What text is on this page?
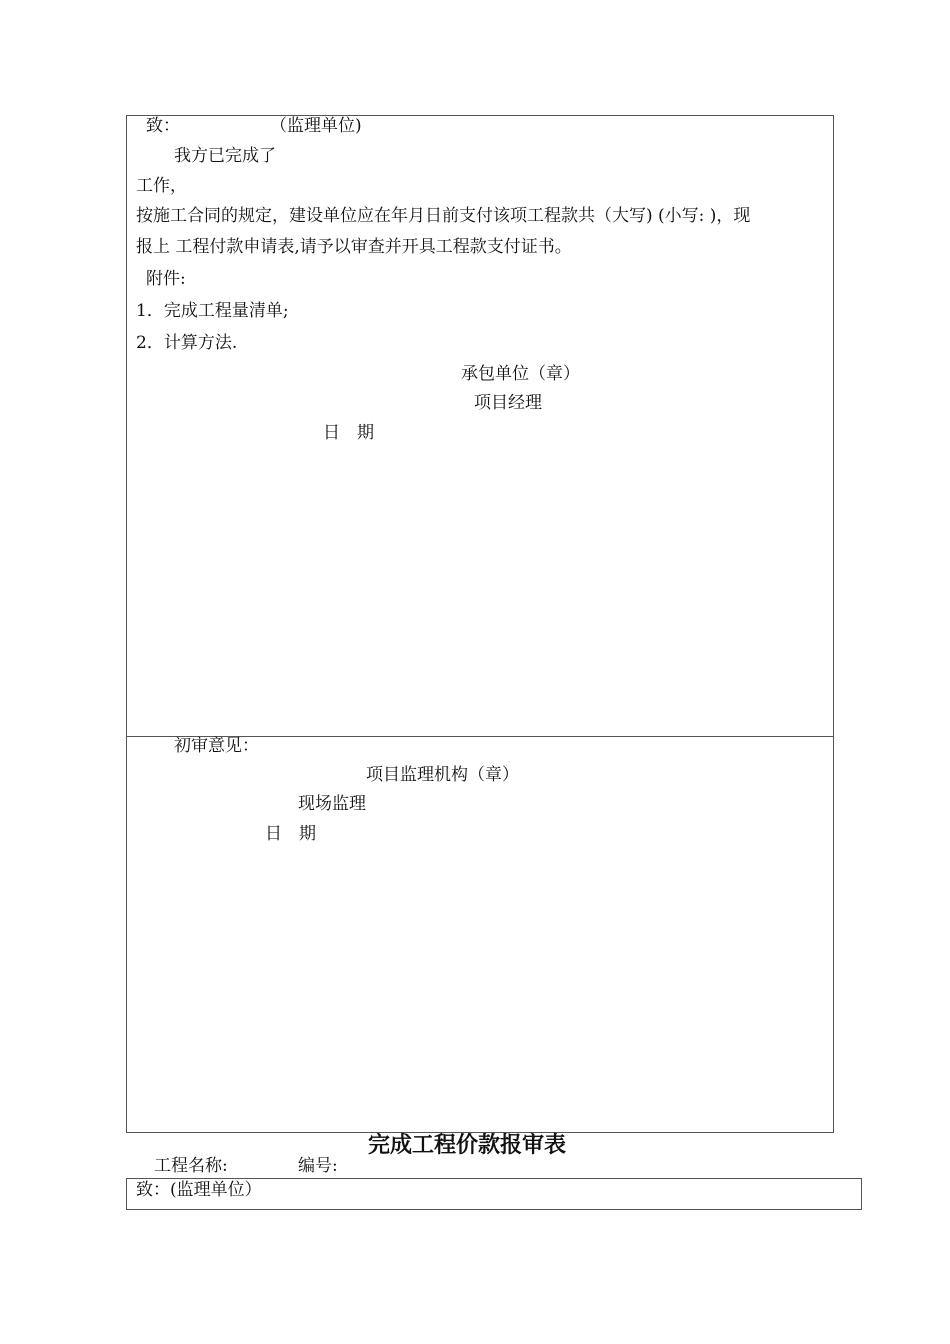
致：	（监理单位)
我方已完成了
工作，
按施工合同的规定，建设单位应在年月日前支付该项工程款共（大写) (小写: )，现
报上 工程付款申请表,请予以审查并开具工程款支付证书。
附件:
1．完成工程量清单;
2．计算方法.
承包单位（章）
项目经理
日　期
初审意见：
项目监理机构（章）
现场监理
日　期
完成工程价款报审表
工程名称:	编号:
致：(监理单位）
